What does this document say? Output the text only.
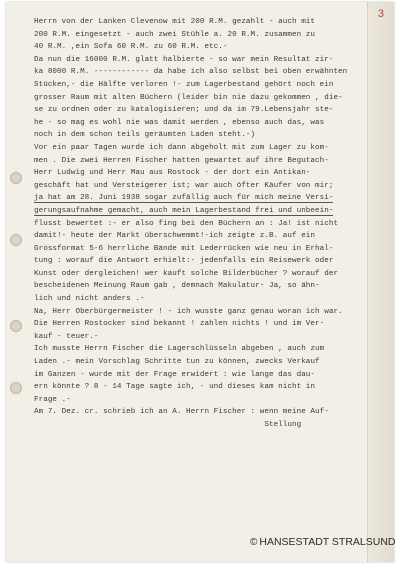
3
Herrn von der Lanken Clevenow mit 200 R.M. gezahlt - auch mit
200 R.M. eingesetzt - auch zwei Stühle a. 20 R.M. zusammen zu
40 R.M. ,ein Sofa 60 R.M. zu 60 R.M. etc.-
Da nun die 16000 R.M. glatt halbierte - so war mein Resultat zir-
ka 8000 R.M. ------------ da habe ich also selbst bei oben erwähnten
Stücken,- die Hälfte verloren !- zum Lagerbestand gehört noch ein
grosser Raum mit alten Büchern (leider bin nie dazu gekommen , die-
se zu ordnen oder zu katalogisieren; und da im 79.Lebensjahr ste-
he - so mag es wohl nie was damit werden , ebenso auch das, was
noch in dem schon teils geräumten Laden steht.-)
Vor ein paar Tagen wurde ich dann abgeholt mit zum Lager zu kom-
men . Die zwei Herren Fischer hatten gewartet auf ihre Begutach-
Herr Ludwig und Herr Mau aus Rostock - der dort ein Antikan-
geschäft hat und Versteigerer ist; war auch öfter Käufer von mir;
ja hat am 28. Juni 1938 sogar zufällig auch für mich meine Versi-
gerungsaufnahme gemacht, auch mein Lagerbestand frei und unbeein-
flusst bewertet :- er also fing bei den Büchern an : Ja! ist nicht
damit!- heute der Markt überschwemmt!-ich zeigte z.B. auf ein
Grossformat 5-6 herrliche Bände mit Lederrücken wie neu in Erhal-
tung : worauf die Antwort erhielt:- jedenfalls ein Reisewerk oder
Kunst oder dergleichen! wer kauft solche Bilderbücher ? worauf der
bescheidenen Meinung Raum gab , demnach Makulatur- Ja, so ähn-
lich und nicht anders .-
Na, Herr Oberbürgermeister ! - ich wusste ganz genau woran ich war.
Die Herren Rostocker sind bekannt ! zahlen nichts ! und im Ver-
kauf - teuer.-
Ich musste Herrn Fischer die Lagerschlüsseln abgeben , auch zum
Laden .- mein Vorschlag Schritte tun zu können, zwecks Verkauf
im Ganzen - wurde mit der Frage erwidert : wie lange das dau-
ern könnte ? 8 - 14 Tage sagte ich, - und dieses kam nicht in
Frage .-
Am 7. Dez. cr. schrieb ich an A. Herrn Fischer : wenn meine Auf-
Stellung
© HANSESTADT STRALSUND
